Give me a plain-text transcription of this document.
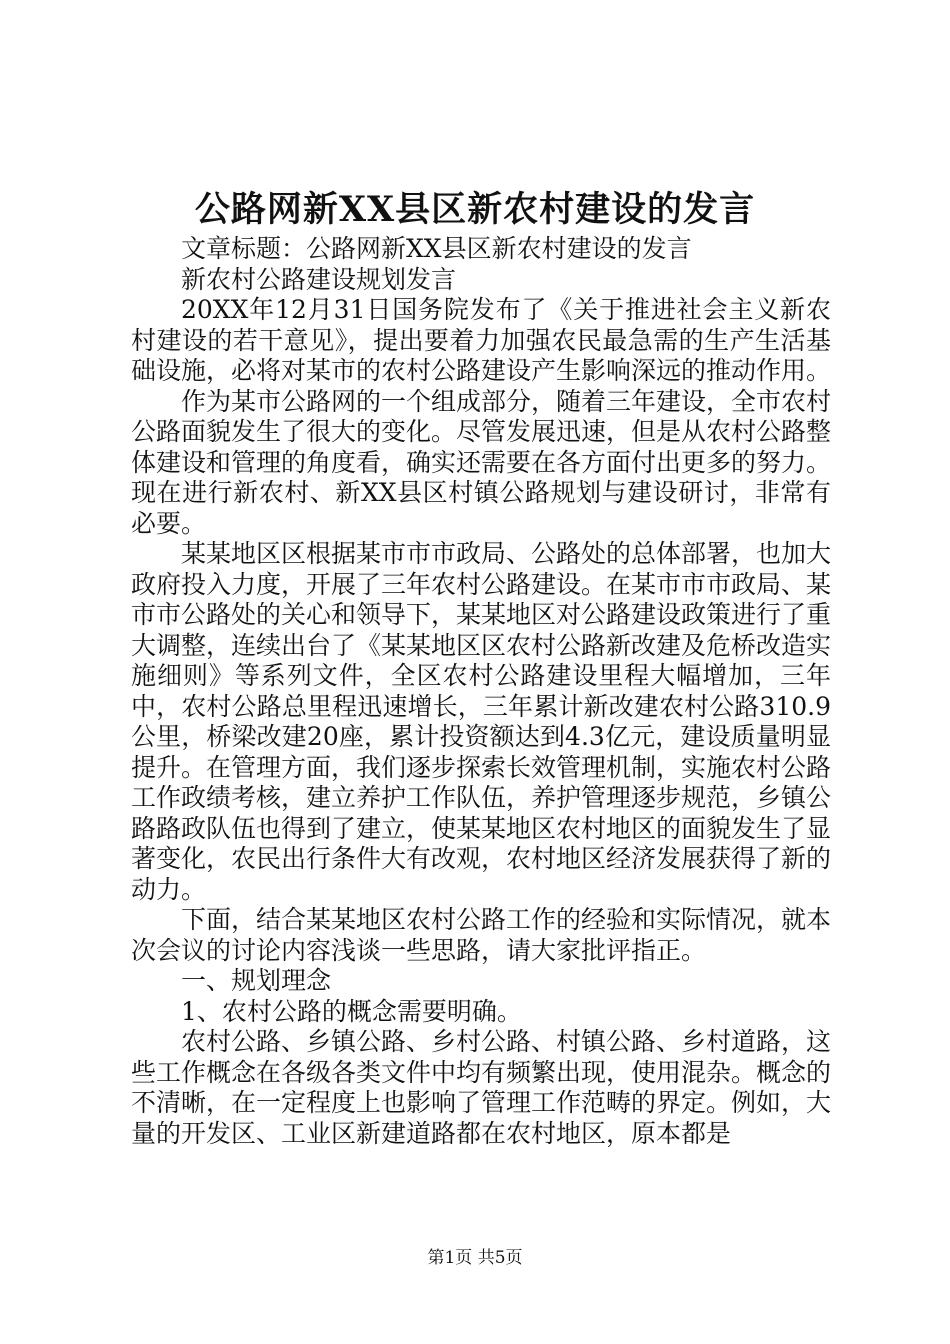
公路网新XX县区新农村建设的发言

文章标题：公路网新XX县区新农村建设的发言

新农村公路建设规划发言

20XX年12月31日国务院发布了《关于推进社会主义新农村建设的若干意见》，提出要着力加强农民最急需的生产生活基础设施，必将对某市的农村公路建设产生影响深远的推动作用。

作为某市公路网的一个组成部分，随着三年建设，全市农村公路面貌发生了很大的变化。尽管发展迅速，但是从农村公路整体建设和管理的角度看，确实还需要在各方面付出更多的努力。现在进行新农村、新XX县区村镇公路规划与建设研讨，非常有必要。

某某地区区根据某市市市政局、公路处的总体部署，也加大政府投入力度，开展了三年农村公路建设。在某市市市政局、某市市公路处的关心和领导下，某某地区对公路建设政策进行了重大调整，连续出台了《某某地区区农村公路新改建及危桥改造实施细则》等系列文件，全区农村公路建设里程大幅增加，三年中，农村公路总里程迅速增长，三年累计新改建农村公路310.9公里，桥梁改建20座，累计投资额达到4.3亿元，建设质量明显提升。在管理方面，我们逐步探索长效管理机制，实施农村公路工作政绩考核，建立养护工作队伍，养护管理逐步规范，乡镇公路路政队伍也得到了建立，使某某地区农村地区的面貌发生了显著变化，农民出行条件大有改观，农村地区经济发展获得了新的动力。

下面，结合某某地区农村公路工作的经验和实际情况，就本次会议的讨论内容浅谈一些思路，请大家批评指正。

一、规划理念

1、农村公路的概念需要明确。

农村公路、乡镇公路、乡村公路、村镇公路、乡村道路，这些工作概念在各级各类文件中均有频繁出现，使用混杂。概念的不清晰，在一定程度上也影响了管理工作范畴的界定。例如，大量的开发区、工业区新建道路都在农村地区，原本都是

第1页 共5页
